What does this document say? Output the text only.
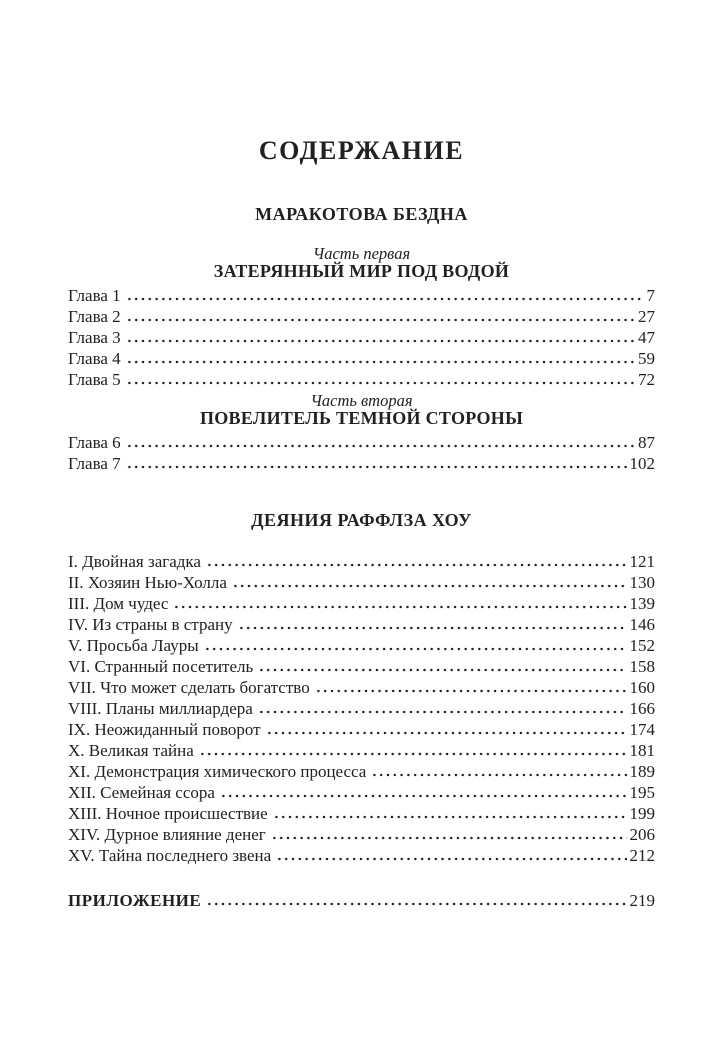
СОДЕРЖАНИЕ
МАРАКОТОВА БЕЗДНА
Часть первая
ЗАТЕРЯННЫЙ МИР ПОД ВОДОЙ
Глава 1	7
Глава 2	27
Глава 3	47
Глава 4	59
Глава 5	72
Часть вторая
ПОВЕЛИТЕЛЬ ТЕМНОЙ СТОРОНЫ
Глава 6	87
Глава 7	102
ДЕЯНИЯ РАФФЛЗА ХОУ
I. Двойная загадка	121
II. Хозяин Нью-Холла	130
III. Дом чудес	139
IV. Из страны в страну	146
V. Просьба Лауры	152
VI. Странный посетитель	158
VII. Что может сделать богатство	160
VIII. Планы миллиардера	166
IX. Неожиданный поворот	174
X. Великая тайна	181
XI. Демонстрация химического процесса	189
XII. Семейная ссора	195
XIII. Ночное происшествие	199
XIV. Дурное влияние денег	206
XV. Тайна последнего звена	212
ПРИЛОЖЕНИЕ	219
